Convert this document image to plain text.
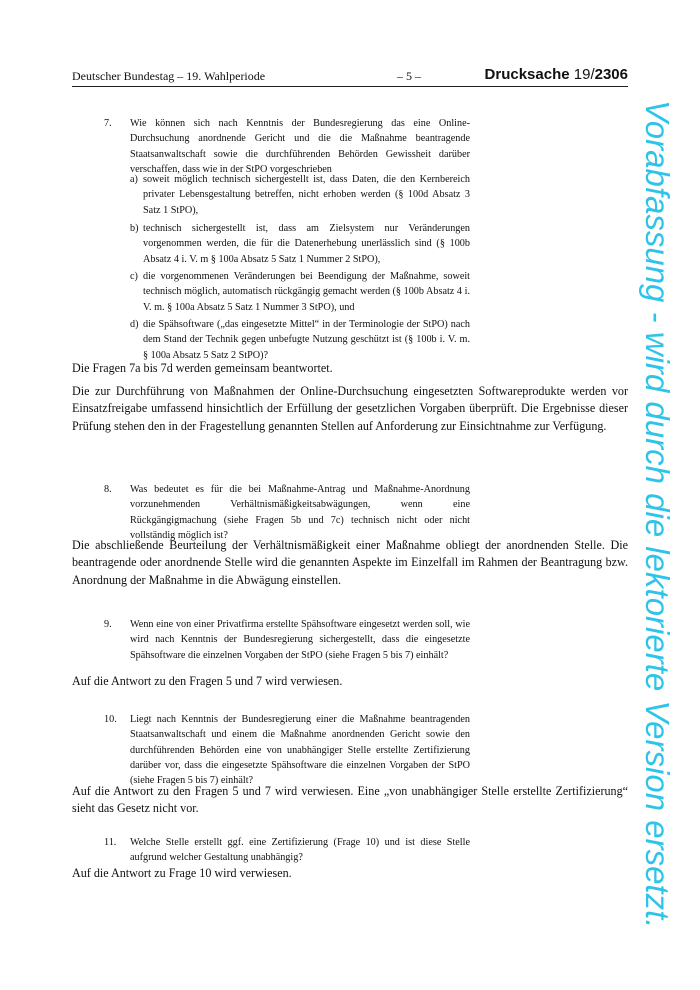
Deutscher Bundestag – 19. Wahlperiode	– 5 –	Drucksache 19/2306
Vorabfassung - wird durch die lektorierte Version ersetzt.
7. Wie können sich nach Kenntnis der Bundesregierung das eine Online-Durchsuchung anordnende Gericht und die die Maßnahme beantragende Staatsanwaltschaft sowie die durchführenden Behörden Gewissheit darüber verschaffen, dass wie in der StPO vorgeschrieben
a) soweit möglich technisch sichergestellt ist, dass Daten, die den Kernbereich privater Lebensgestaltung betreffen, nicht erhoben werden (§ 100d Absatz 3 Satz 1 StPO),
b) technisch sichergestellt ist, dass am Zielsystem nur Veränderungen vorgenommen werden, die für die Datenerhebung unerlässlich sind (§ 100b Absatz 4 i. V. m § 100a Absatz 5 Satz 1 Nummer 2 StPO),
c) die vorgenommenen Veränderungen bei Beendigung der Maßnahme, soweit technisch möglich, automatisch rückgängig gemacht werden (§ 100b Absatz 4 i. V. m. § 100a Absatz 5 Satz 1 Nummer 3 StPO), und
d) die Spähsoftware („das eingesetzte Mittel“ in der Terminologie der StPO) nach dem Stand der Technik gegen unbefugte Nutzung geschützt ist (§ 100b i. V. m. § 100a Absatz 5 Satz 2 StPO)?

Die Fragen 7a bis 7d werden gemeinsam beantwortet.

Die zur Durchführung von Maßnahmen der Online-Durchsuchung eingesetzten Softwareprodukte werden vor Einsatzfreigabe umfassend hinsichtlich der Erfüllung der gesetzlichen Vorgaben überprüft. Die Ergebnisse dieser Prüfung stehen den in der Fragestellung genannten Stellen auf Anforderung zur Einsichtnahme zur Verfügung.

8. Was bedeutet es für die bei Maßnahme-Antrag und Maßnahme-Anordnung vorzunehmenden Verhältnismäßigkeitsabwägungen, wenn eine Rückgängigmachung (siehe Fragen 5b und 7c) technisch nicht oder nicht vollständig möglich ist?

Die abschließende Beurteilung der Verhältnismäßigkeit einer Maßnahme obliegt der anordnenden Stelle. Die beantragende oder anordnende Stelle wird die genannten Aspekte im Einzelfall im Rahmen der Beantragung bzw. Anordnung der Maßnahme in die Abwägung einstellen.

9. Wenn eine von einer Privatfirma erstellte Spähsoftware eingesetzt werden soll, wie wird nach Kenntnis der Bundesregierung sichergestellt, dass die eingesetzte Spähsoftware die einzelnen Vorgaben der StPO (siehe Fragen 5 bis 7) einhält?

Auf die Antwort zu den Fragen 5 und 7 wird verwiesen.

10. Liegt nach Kenntnis der Bundesregierung einer die Maßnahme beantragenden Staatsanwaltschaft und einem die Maßnahme anordnenden Gericht sowie den durchführenden Behörden eine von unabhängiger Stelle erstellte Zertifizierung darüber vor, dass die eingesetzte Spähsoftware die einzelnen Vorgaben der StPO (siehe Fragen 5 bis 7) einhält?

Auf die Antwort zu den Fragen 5 und 7 wird verwiesen. Eine „von unabhängiger Stelle erstellte Zertifizierung“ sieht das Gesetz nicht vor.

11. Welche Stelle erstellt ggf. eine Zertifizierung (Frage 10) und ist diese Stelle aufgrund welcher Gestaltung unabhängig?

Auf die Antwort zu Frage 10 wird verwiesen.
